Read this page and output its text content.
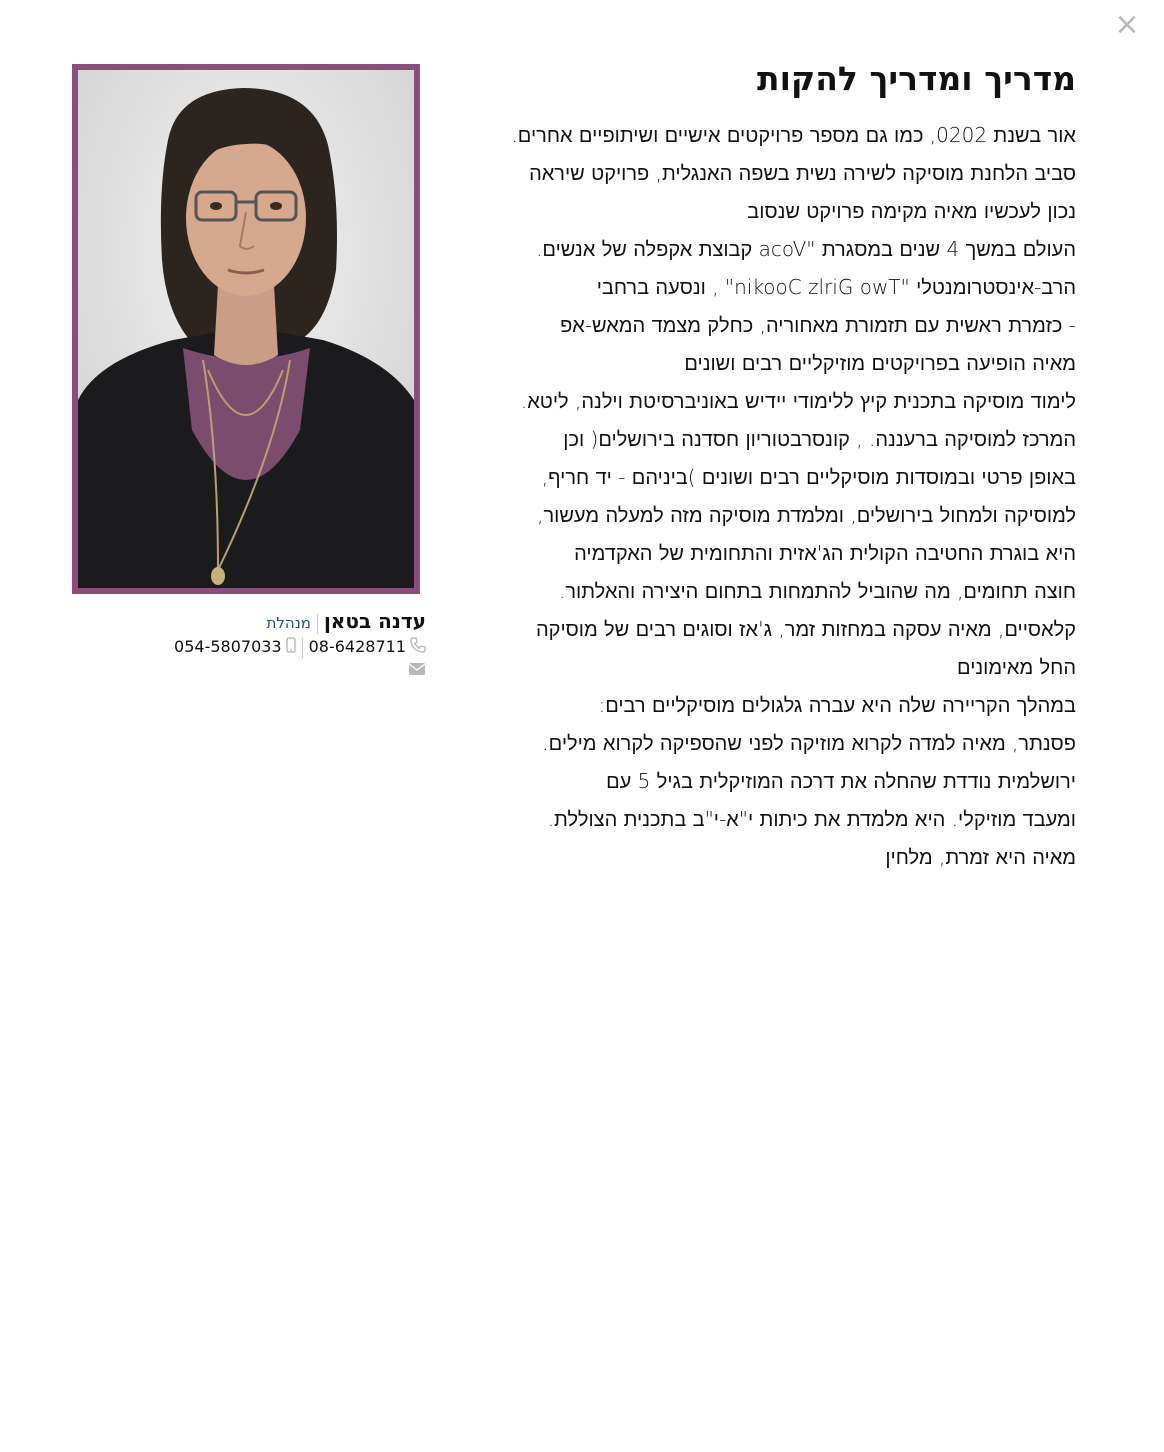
×
מדריך ומדריך להקות
אור בשנת 0202, כמו גם מספר פרויקטים אישיים ושיתופיים אחרים.
סביב הלחנת מוסיקה לשירה נשית בשפה האנגלית, פרויקט שיראה
נכון לעכשיו מאיה מקימה פרויקט שנסוב
העולם במשך 4 שנים במסגרת "acoV קבוצת אקפלה של אנשים.
הרב-אינסטרומנטלי "nikooC zlriG owT" , ונסעה ברחבי
- כזמרת ראשית עם תזמורת מאחוריה, כחלק מצמד המאש-אפ
מאיה הופיעה בפרויקטים מוזיקליים רבים ושונים
לימוד מוסיקה בתכנית קיץ ללימודי יידיש באוניברסיטת וילנה, ליטא.
המרכז למוסיקה ברעננה. , קונסרבטוריון חסדנה בירושלים( וכן
באופן פרטי ובמוסדות מוסיקליים רבים ושונים )ביניהם - יד חריף,
למוסיקה ולמחול בירושלים, ומלמדת מוסיקה מזה למעלה מעשור,
היא בוגרת החטיבה הקולית הג'אזית והתחומית של האקדמיה
חוצה תחומים, מה שהוביל להתמחות בתחום היצירה והאלתור.
קלאסיים, מאיה עסקה במחזות זמר, ג'אז וסוגים רבים של מוסיקה
החל מאימונים
במהלך הקריירה שלה היא עברה גלגולים מוסיקליים רבים:
פסנתר, מאיה למדה לקרוא מוזיקה לפני שהספיקה לקרוא מילים.
ירושלמית נודדת שהחלה את דרכה המוזיקלית בגיל 5 עם
ומעבד מוזיקלי. היא מלמדת את כיתות י"א-י"ב בתכנית הצוללת.
מאיה היא זמרת, מלחין
עדנה בטאןמנהלת
08-6428711054-5807033
